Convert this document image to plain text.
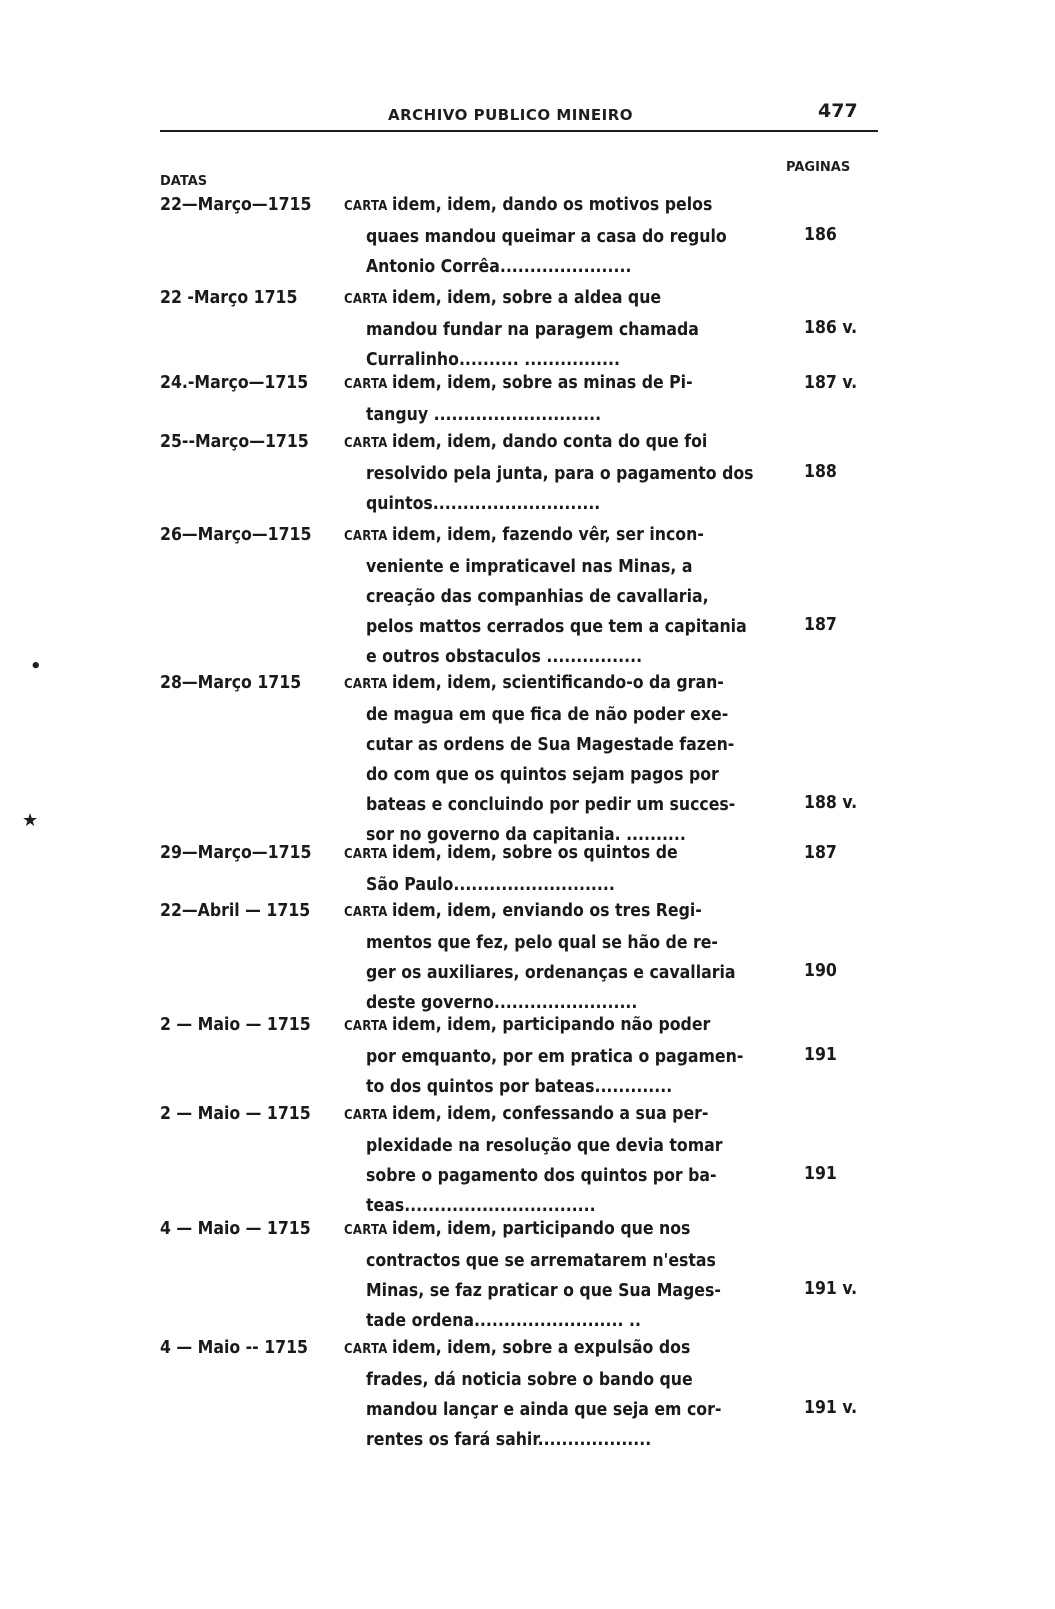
ARCHIVO PUBLICO MINEIRO	477
DATAS
PAGINAS
22—Março—1715	CARTA idem, idem, dando os motivos pelos
quaes mandou queimar a casa do regulo
Antonio Corrêa......................
186
22 -Março 1715	CARTA idem, idem, sobre a aldea que
mandou fundar na paragem chamada
Curralinho.......... ................
186 v.
24.-Março—1715	CARTA idem, idem, sobre as minas de Pi-
tanguy ............................
187 v.
25--Março—1715	CARTA idem, idem, dando conta do que foi
resolvido pela junta, para o pagamento dos
quintos............................
188
26—Março—1715	CARTA idem, idem, fazendo vêr, ser incon-
veniente e impraticavel nas Minas, a
creação das companhias de cavallaria,
pelos mattos cerrados que tem a capitania
e outros obstaculos ................
187
28—Março 1715	CARTA idem, idem, scientificando-o da gran-
de magua em que fica de não poder exe-
cutar as ordens de Sua Magestade fazen-
do com que os quintos sejam pagos por
bateas e concluindo por pedir um succes-
sor no governo da capitania. ..........
188 v.
29—Março—1715	CARTA idem, idem, sobre os quintos de
São Paulo...........................
187
22—Abril — 1715	CARTA idem, idem, enviando os tres Regi-
mentos que fez, pelo qual se hão de re-
ger os auxiliares, ordenanças e cavallaria
deste governo........................
190
2 — Maio — 1715	CARTA idem, idem, participando não poder
por emquanto, por em pratica o pagamen-
to dos quintos por bateas.............
191
2 — Maio — 1715	CARTA idem, idem, confessando a sua per-
plexidade na resolução que devia tomar
sobre o pagamento dos quintos por ba-
teas................................
191
4 — Maio — 1715	CARTA idem, idem, participando que nos
contractos que se arrematarem n'estas
Minas, se faz praticar o que Sua Mages-
tade ordena......................... ..
191 v.
4 — Maio -- 1715	CARTA idem, idem, sobre a expulsão dos
frades, dá noticia sobre o bando que
mandou lançar e ainda que seja em cor-
rentes os fará sahir...................
191 v.
•
★
